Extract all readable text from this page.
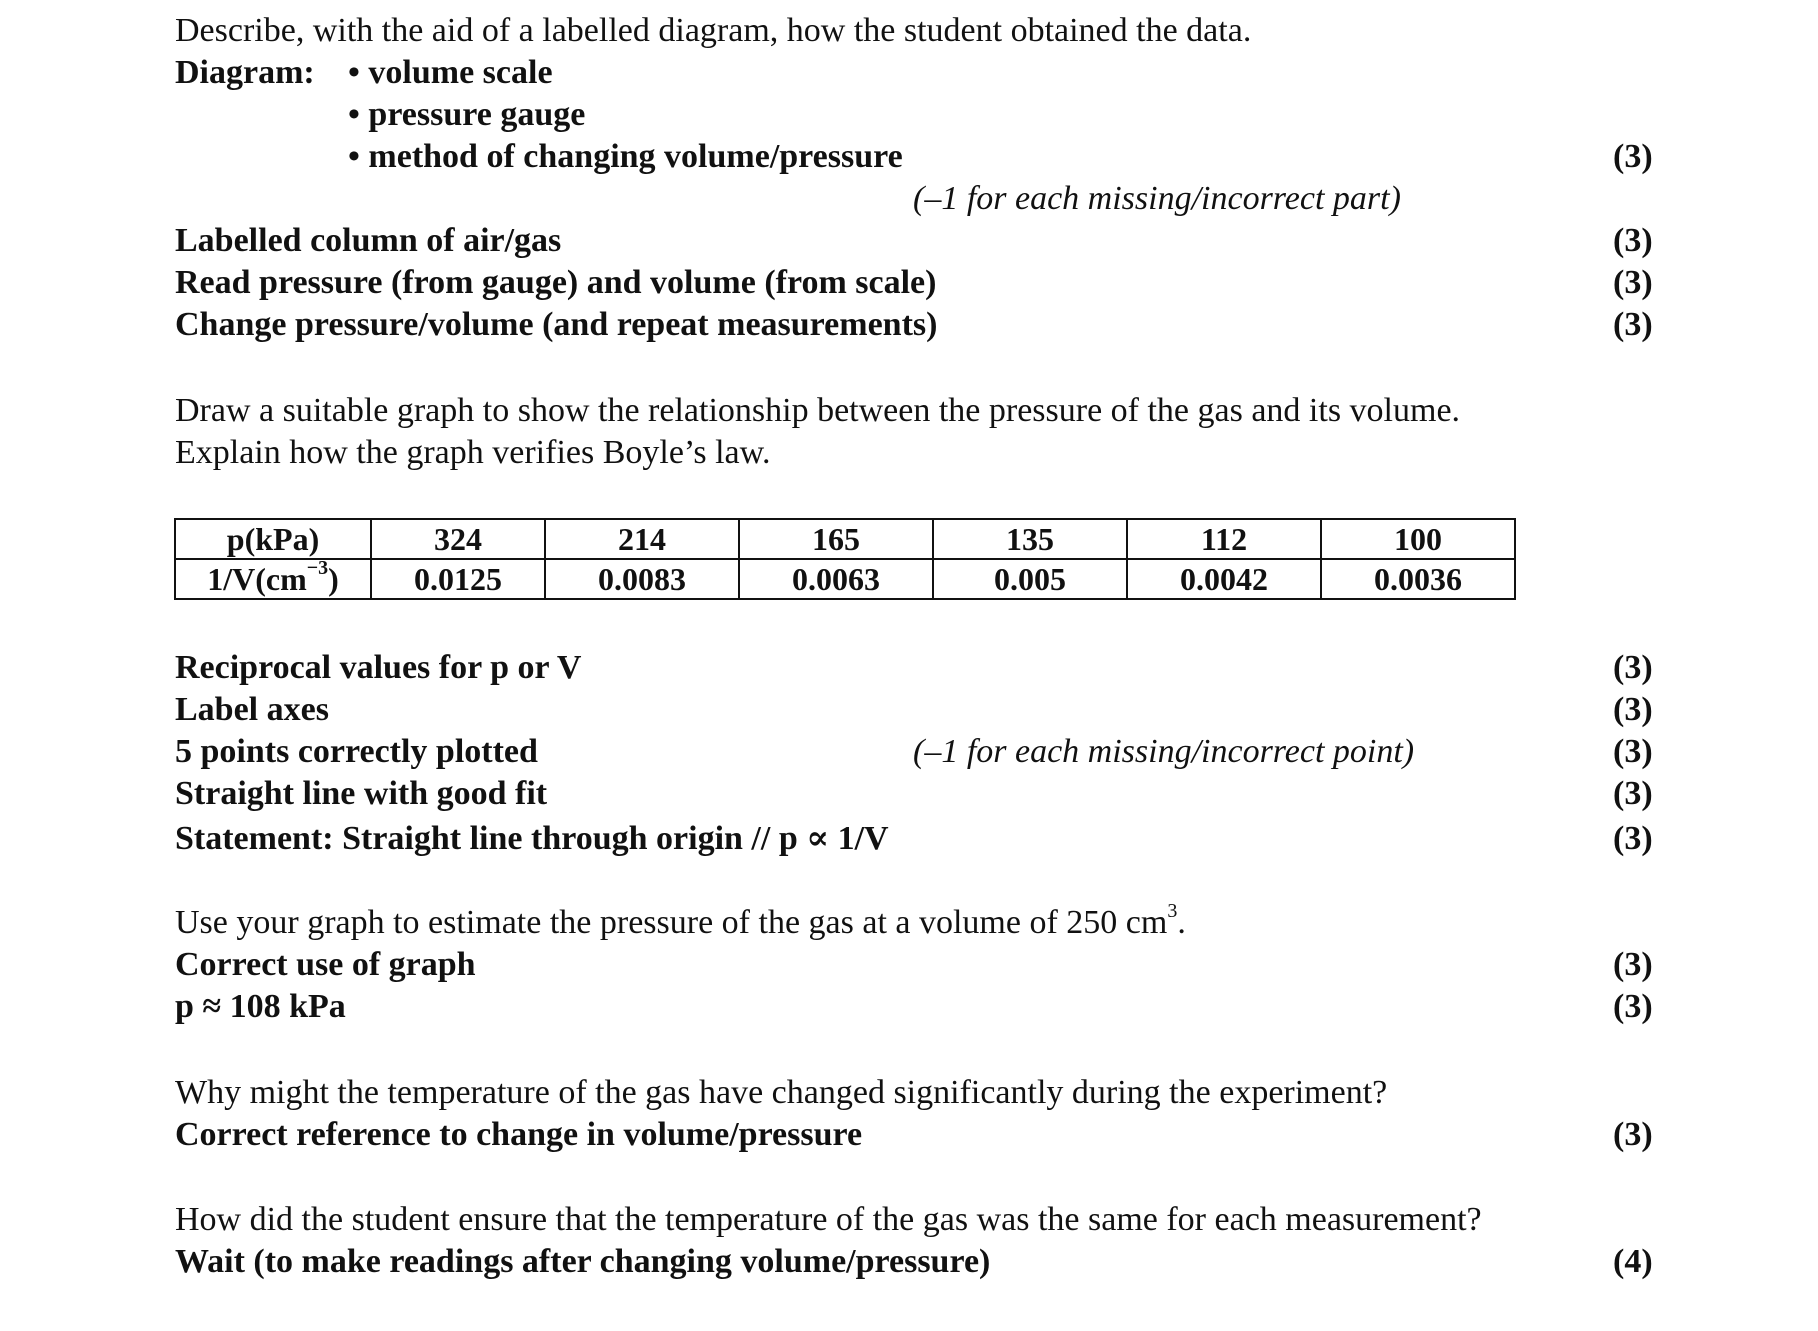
Describe, with the aid of a labelled diagram, how the student obtained the data.
Diagram: • volume scale
• pressure gauge
• method of changing volume/pressure	(3)
(–1 for each missing/incorrect part)
Labelled column of air/gas	(3)
Read pressure (from gauge) and volume (from scale)	(3)
Change pressure/volume (and repeat measurements)	(3)
Draw a suitable graph to show the relationship between the pressure of the gas and its volume.
Explain how the graph verifies Boyle’s law.
p(kPa)	324	214	165	135	112	100
$1/V(cm^{-3})$	0.0125	0.0083	0.0063	0.005	0.0042	0.0036
Reciprocal values for p or V	(3)
Label axes	(3)
5 points correctly plotted	(–1 for each missing/incorrect point)	(3)
Straight line with good fit	(3)
Statement: Straight line through origin // p ∝ 1/V	(3)
Use your graph to estimate the pressure of the gas at a volume of 250 $cm^3$.
Correct use of graph	(3)
p ≈ 108 kPa	(3)
Why might the temperature of the gas have changed significantly during the experiment?
Correct reference to change in volume/pressure	(3)
How did the student ensure that the temperature of the gas was the same for each measurement?
Wait (to make readings after changing volume/pressure)	(4)
